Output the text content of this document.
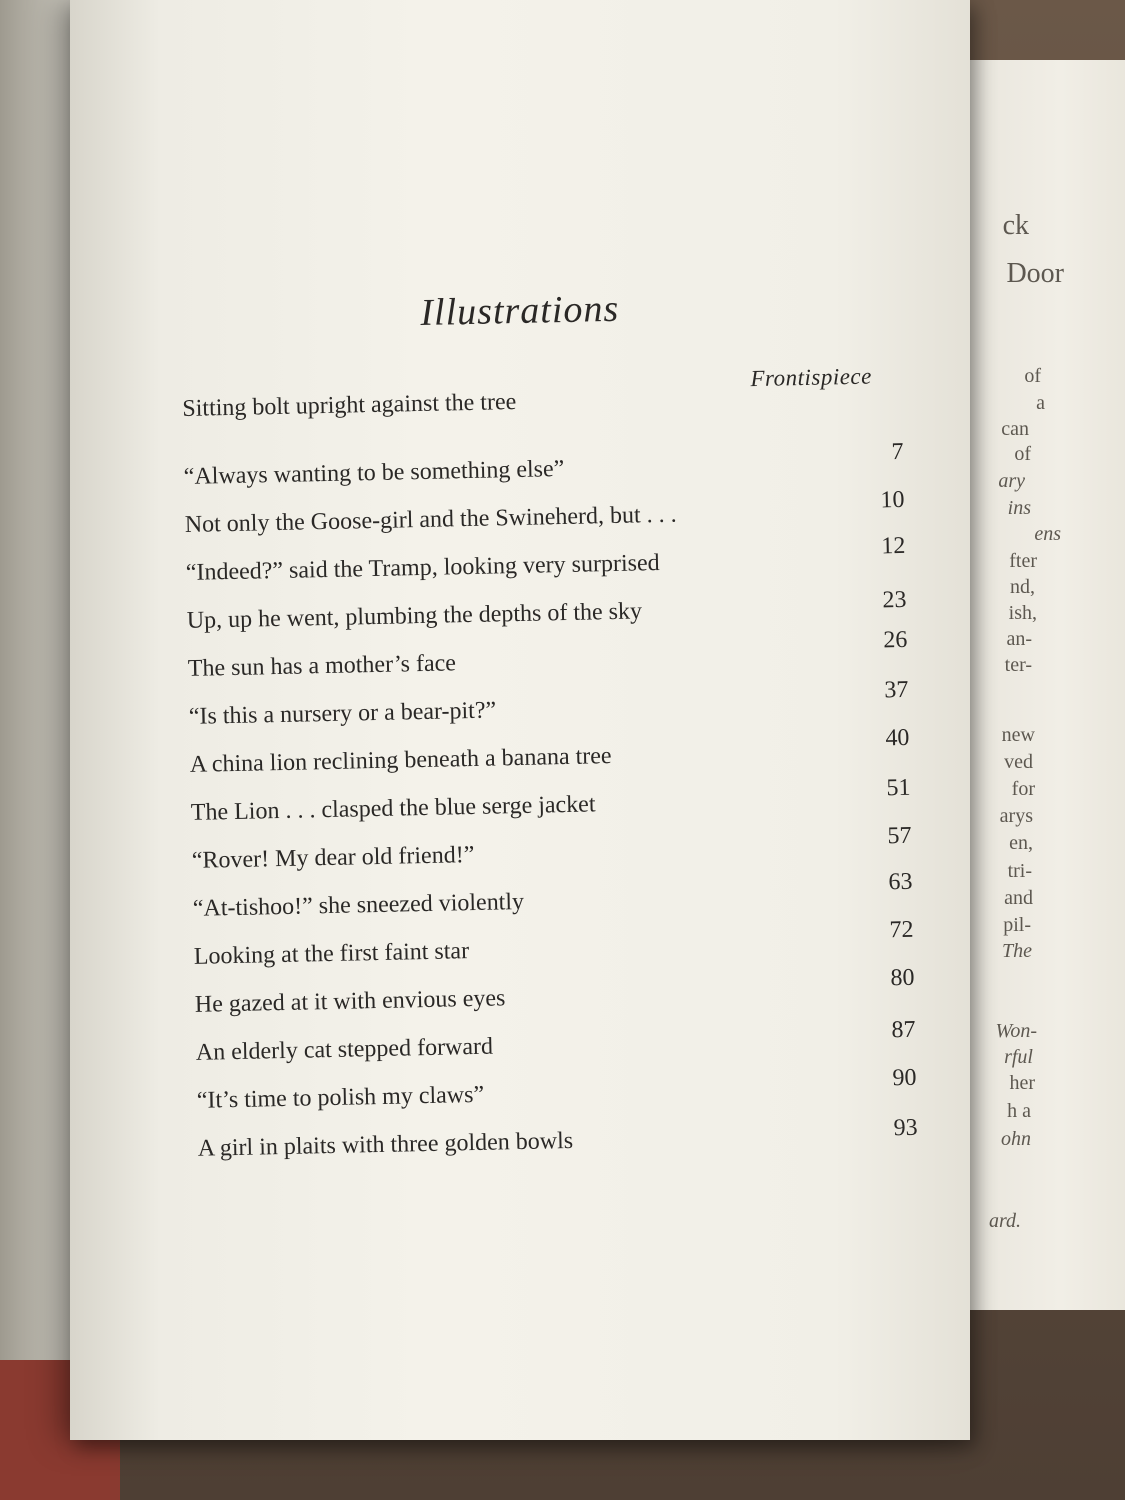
ck
Door
of
a
can
of
ary
ins
ens
fter
nd,
ish,
an-
ter-
new
ved
for
arys
en,
tri-
and
pil-
The
Won-
rful
her
h a
ohn
ard.
Illustrations
Sitting bolt upright against the tree
Frontispiece
“Always wanting to be something else”
7
Not only the Goose-girl and the Swineherd, but . . .
10
“Indeed?” said the Tramp, looking very surprised
12
Up, up he went, plumbing the depths of the sky	23
The sun has a mother’s face
26
“Is this a nursery or a bear-pit?”
37
A china lion reclining beneath a banana tree
40
The Lion . . . clasped the blue serge jacket
51
“Rover! My dear old friend!”
57
“At-tishoo!” she sneezed violently
63
Looking at the first faint star
72
He gazed at it with envious eyes
80
An elderly cat stepped forward
87
“It’s time to polish my claws”
90
A girl in plaits with three golden bowls	93
